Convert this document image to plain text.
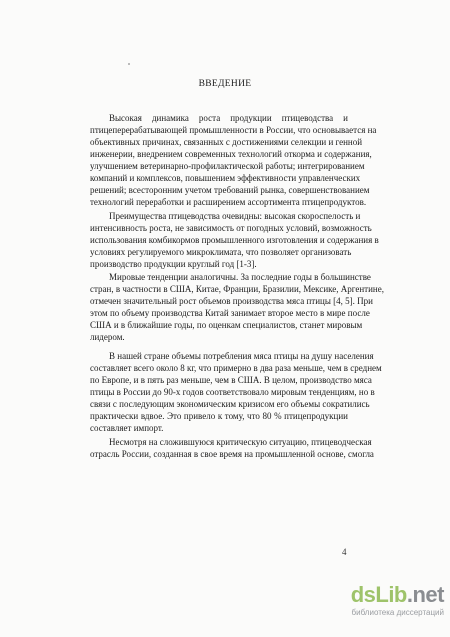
ВВЕДЕНИЕ
Высокая динамика роста продукции птицеводства и
птицеперерабатывающей промышленности в России, что основывается на
объективных причинах, связанных с достижениями селекции и генной
инженерии, внедрением современных технологий откорма и содержания,
улучшением ветеринарно-профилактической работы; интегрированием
компаний и комплексов, повышением эффективности управленческих
решений; всесторонним учетом требований рынка, совершенствованием
технологий переработки и расширением ассортимента птицепродуктов.
Преимущества птицеводства очевидны: высокая скороспелость и
интенсивность роста, не зависимость от погодных условий, возможность
использования комбикормов промышленного изготовления и содержания в
условиях регулируемого микроклимата, что позволяет организовать
производство продукции круглый год [1-3].
Мировые тенденции аналогичны. За последние годы в большинстве
стран, в частности в США, Китае, Франции, Бразилии, Мексике, Аргентине,
отмечен значительный рост объемов производства мяса птицы [4, 5]. При
этом по объему производства Китай занимает второе место в мире после
США и в ближайшие годы, по оценкам специалистов, станет мировым
лидером.
В нашей стране объемы потребления мяса птицы на душу населения
составляет всего около 8 кг, что примерно в два раза меньше, чем в среднем
по Европе, и в пять раз меньше, чем в США. В целом, производство мяса
птицы в России до 90-х годов соответствовало мировым тенденциям, но в
связи с последующим экономическим кризисом его объемы сократились
практически вдвое. Это привело к тому, что 80 % птицепродукции
составляет импорт.
Несмотря на сложившуюся критическую ситуацию, птицеводческая
отрасль России, созданная в свое время на промышленной основе, смогла
4
dsLib.net
библиотека диссертаций
